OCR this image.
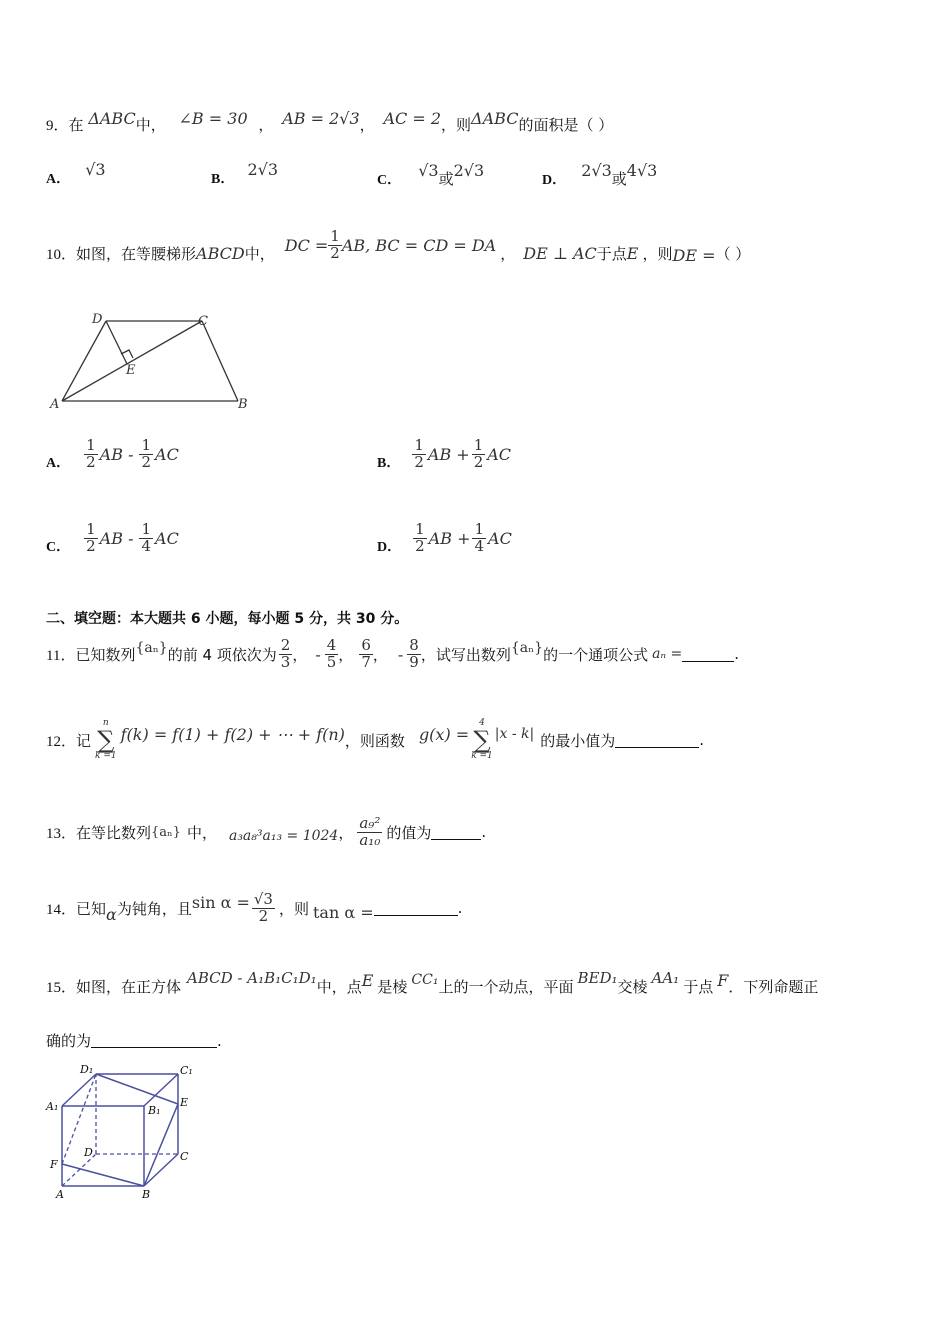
9．在 ΔABC中， ∠B = 30 ， AB = 2√3， AC = 2，则ΔABC的面积是（ ）
A． √3
B． 2√3
C． √3或2√3
D． 2√3或4√3
10． 如图，在等腰梯形 ABCD 中， DC = $\frac{1}{2}$ AB, BC = CD = DA ， DE ⊥ AC 于点 E ，则 DE = （ ）
D	C
E
A	B
A． $\frac{1}{2}$ AB - $\frac{1}{2}$ AC	B． $\frac{1}{2}$ AB + $\frac{1}{2}$ AC
C． $\frac{1}{2}$ AB - $\frac{1}{4}$ AC	D． $\frac{1}{2}$ AB + $\frac{1}{4}$ AC
二、填空题：本大题共 6 小题，每小题 5 分，共 30 分。
11． 已知数列 {aₙ} 的前 4 项依次为 $\frac{2}{3}$ ， - $\frac{4}{5}$ ， $\frac{6}{7}$ ， - $\frac{8}{9}$ ，试写出数列 {aₙ} 的一个通项公式 aₙ =	.
12． 记
n
∑
k =1
f(k) = f(1) + f(2) + ⋯ + f(n) ，则函数 g(x) =
4
∑
k =1
|x - k| 的最小值为	.
13． 在等比数列 {aₙ} 中， a₃a₈³a₁₃ = 1024 ， $\frac{\text{a₉²}}{\text{a₁₀}}$ 的值为	.
14． 已知 α 为钝角，且 $\sin \alpha = \frac{√3}{2}$ ，则 tan α =	.
15． 如图，在正方体 ABCD - A₁B₁C₁D₁ 中，点 E 是棱 CC₁ 上的一个动点，平面 BED₁ 交棱 AA₁ 于点 F ．下列命题正
确的为	.
D₁	C₁
A₁	B₁
E
D	C
F
A	B
